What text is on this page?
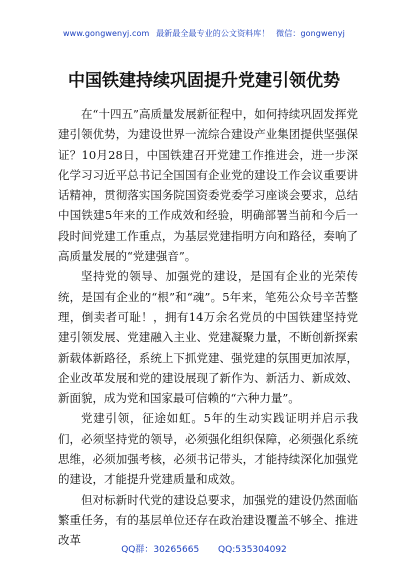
www.gongwenyj.com 最新最全最专业的公文资料库！ 微信：gongwenyj
中国铁建持续巩固提升党建引领优势

在“十四五”高质量发展新征程中，如何持续巩固发挥党建引领优势，为建设世界一流综合建设产业集团提供坚强保证？10月28日，中国铁建召开党建工作推进会，进一步深化学习习近平总书记全国国有企业党的建设工作会议重要讲话精神，贯彻落实国务院国资委党委学习座谈会要求，总结中国铁建5年来的工作成效和经验，明确部署当前和今后一段时间党建工作重点，为基层党建指明方向和路径，奏响了高质量发展的“党建强音”。

坚持党的领导、加强党的建设，是国有企业的光荣传统，是国有企业的“根”和“魂”。5年来，笔苑公众号辛苦整理，倒卖者可耻！，拥有14万余名党员的中国铁建坚持党建引领发展、党建融入主业、党建凝聚力量，不断创新探索新载体新路径，系统上下抓党建、强党建的氛围更加浓厚，企业改革发展和党的建设展现了新作为、新活力、新成效、新面貌，成为党和国家最可信赖的“六种力量”。

党建引领，征途如虹。5年的生动实践证明并启示我们，必须坚持党的领导，必须强化组织保障，必须强化系统思维，必须加强考核，必须书记带头，才能持续深化加强党的建设，才能提升党建质量和成效。

但对标新时代党的建设总要求，加强党的建设仍然面临繁重任务，有的基层单位还存在政治建设覆盖不够全、推进改革

QQ群：30265665 QQ:535304092
